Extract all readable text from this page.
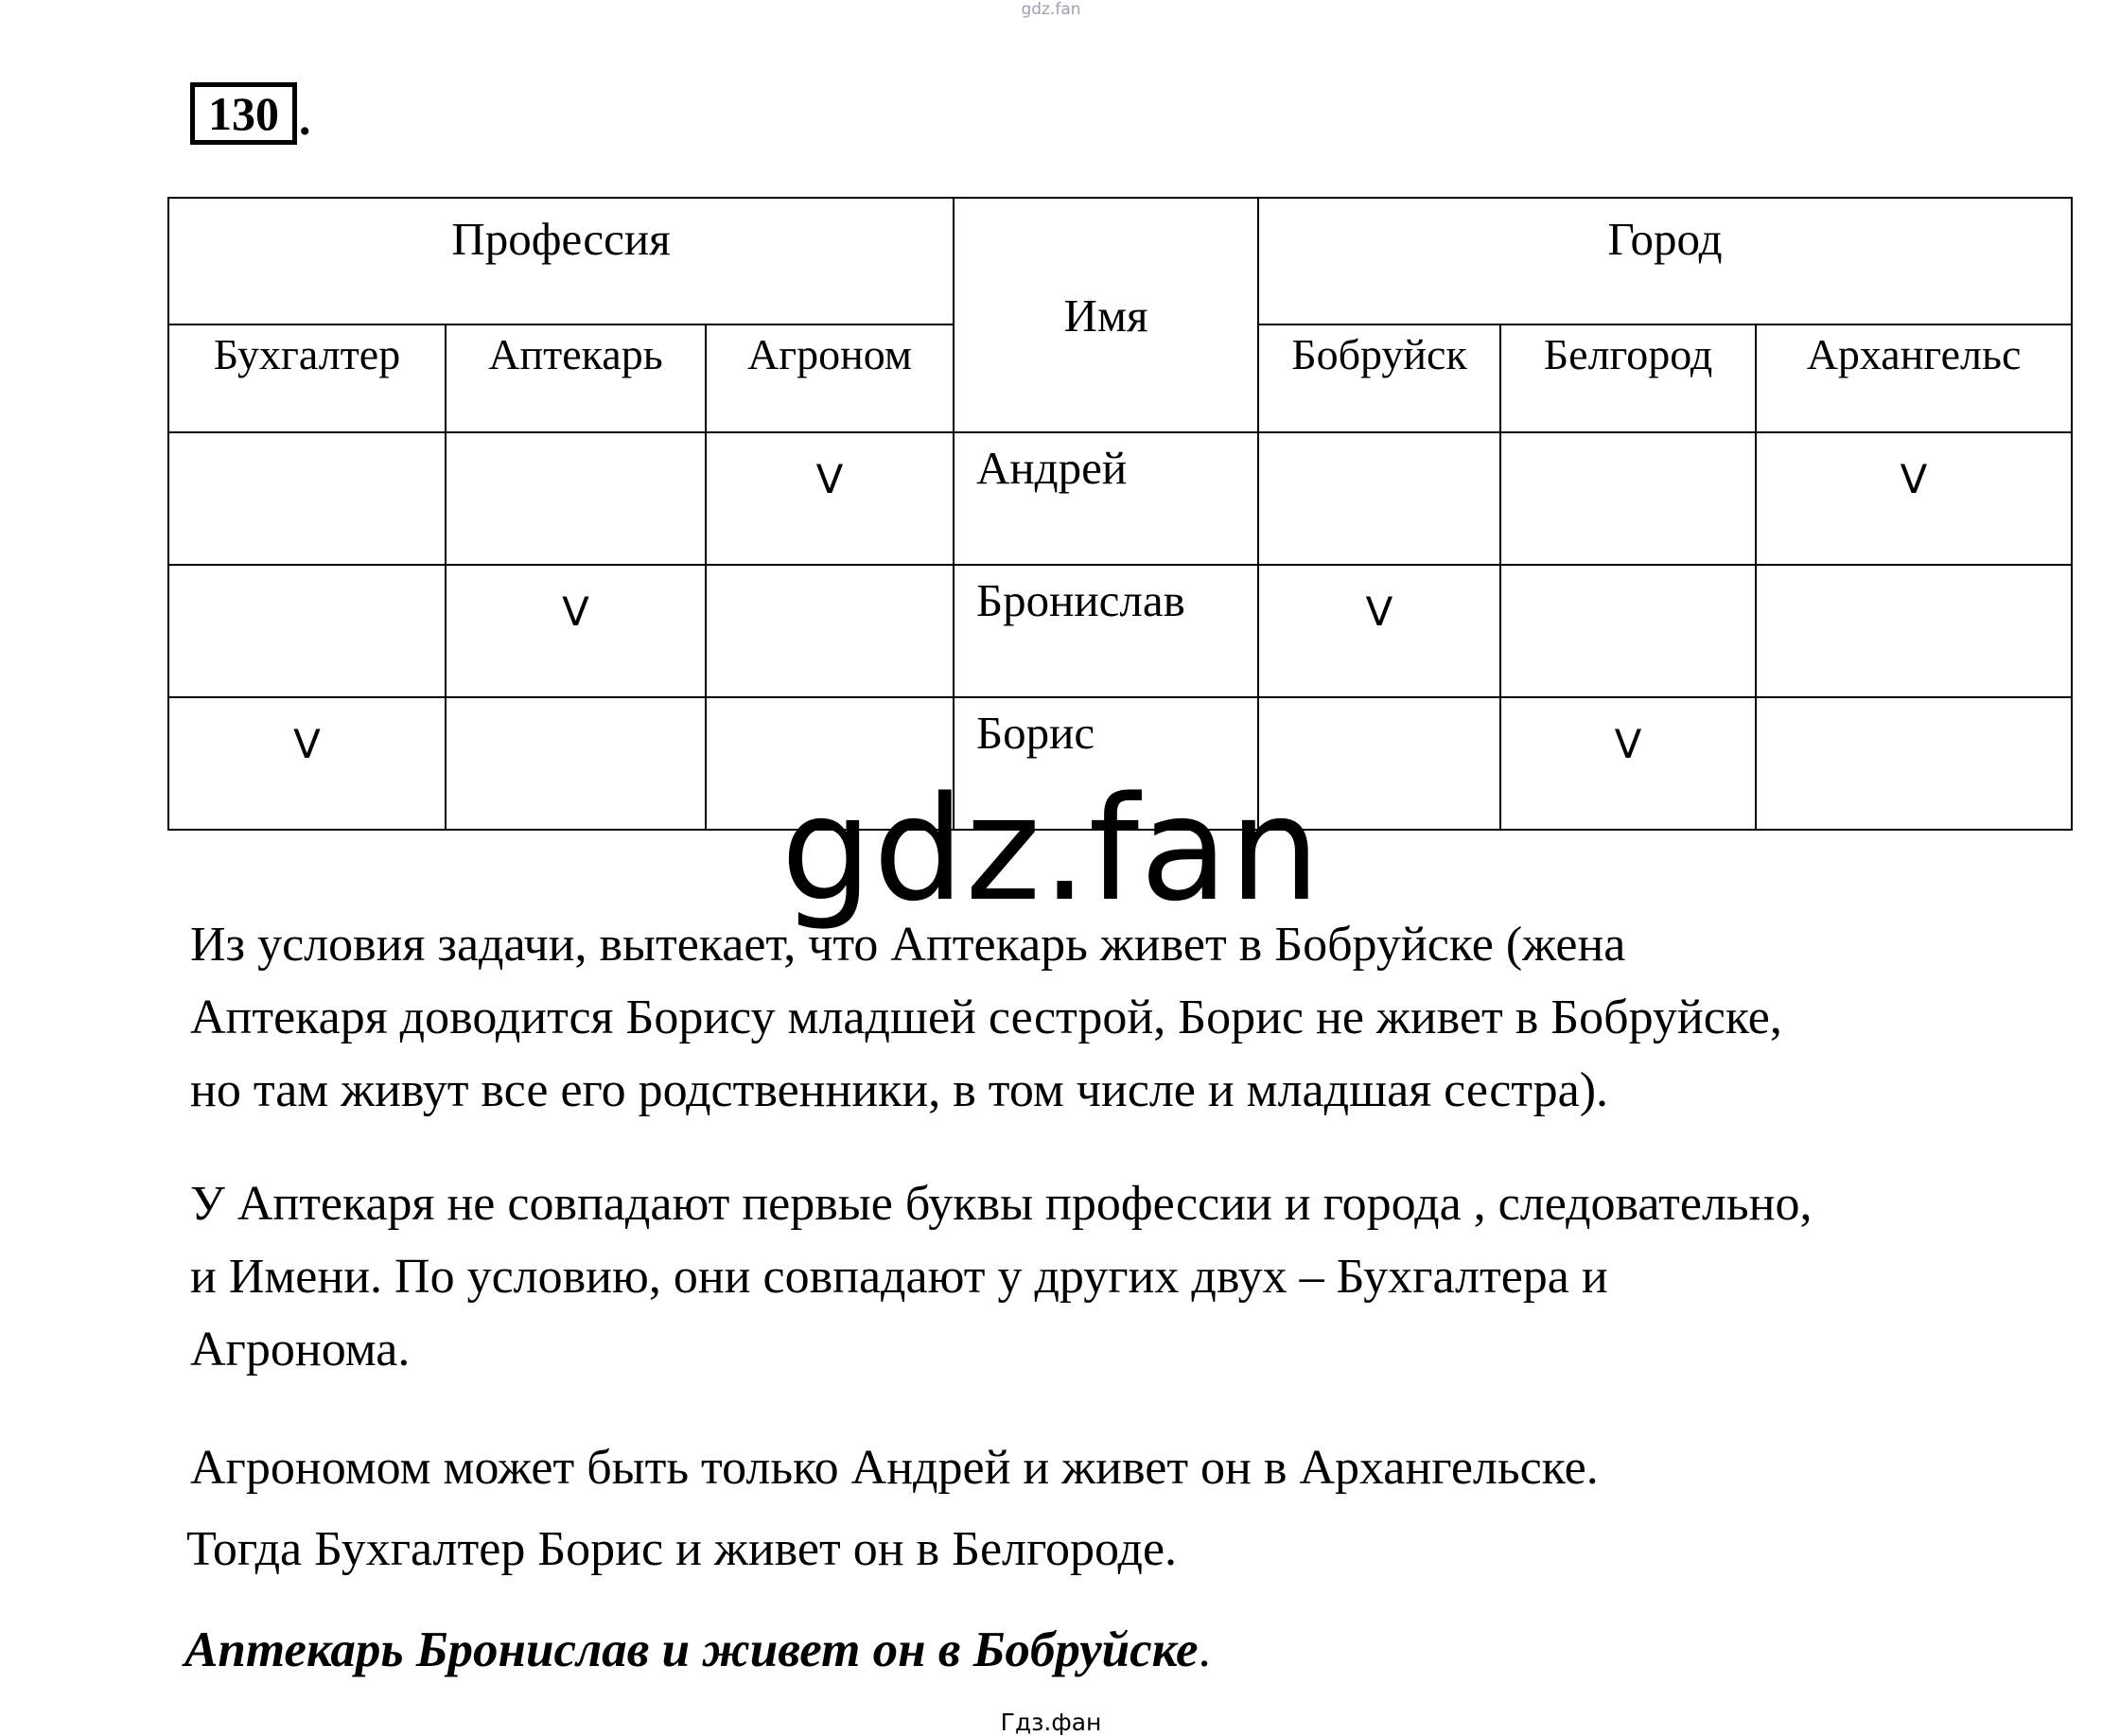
gdz.fan
130 .
Профессия			Имя	Город		
Бухгалтер	Аптекарь	Агроном		Бобруйск	Белгород	Архангельс

		V	Андрей			V

	V		Бронислав	V		

V			Борис		V	

gdz.fan
Из условия задачи, вытекает, что Аптекарь живет в Бобруйске (жена
Аптекаря доводится Борису младшей сестрой, Борис не живет в Бобруйске,
но там живут все его родственники, в том числе и младшая сестра).
У Аптекаря не совпадают первые буквы профессии и города , следовательно,
и Имени. По условию, они совпадают у других двух – Бухгалтера и
Агронома.
Агрономом может быть только Андрей и живет он в Архангельске.
Тогда Бухгалтер Борис и живет он в Белгороде.
Аптекарь Бронислав и живет он в Бобруйске.
Гдз.фан
